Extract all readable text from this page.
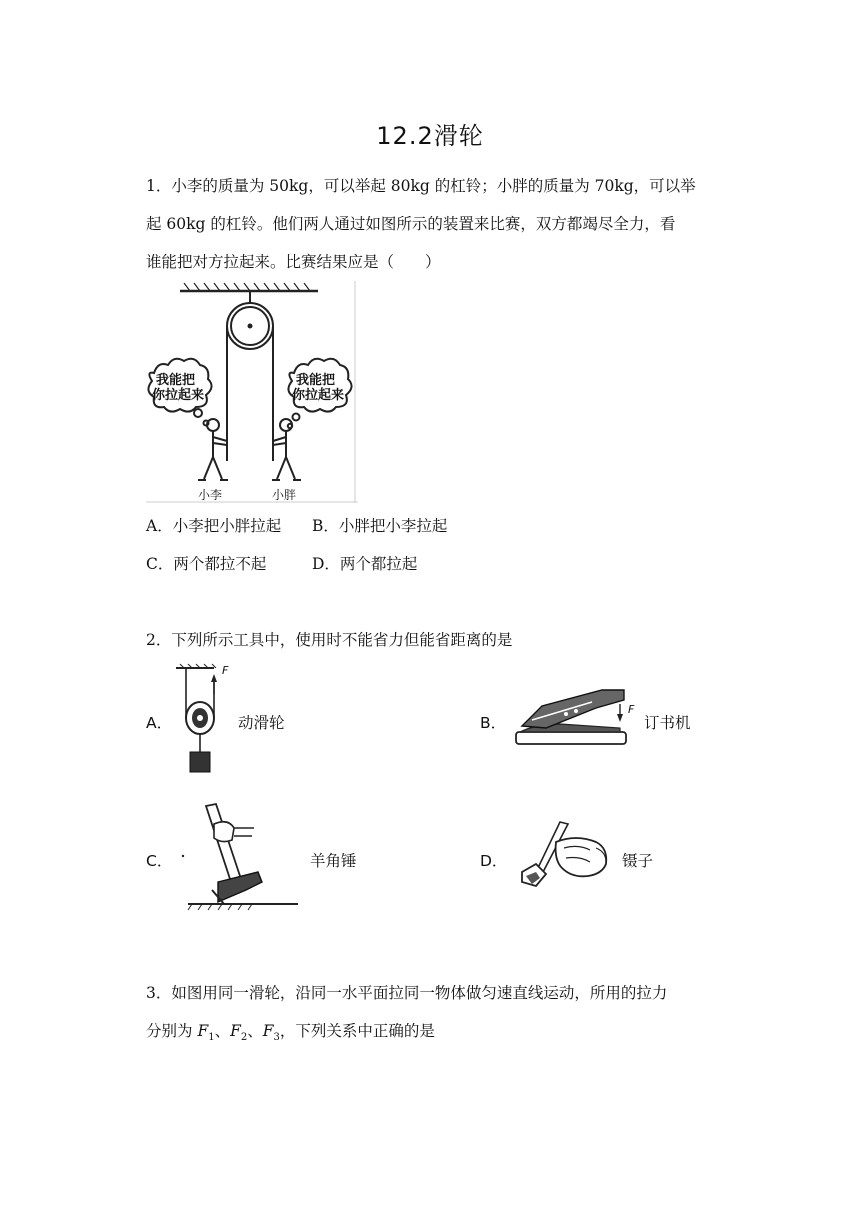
12.2滑轮
1．小李的质量为 50kg，可以举起 80kg 的杠铃；小胖的质量为 70kg，可以举
起 60kg 的杠铃。他们两人通过如图所示的装置来比赛，双方都竭尽全力，看
谁能把对方拉起来。比赛结果应是（　　）
我能把
你拉起来
我能把
你拉起来
小李	小胖
A．小李把小胖拉起 B．小胖把小李拉起
C．两个都拉不起	D．两个都拉起
2．下列所示工具中，使用时不能省力但能省距离的是
A．
F
动滑轮	B．
F
订书机
C．	羊角锤	D．	镊子
3．如图用同一滑轮，沿同一水平面拉同一物体做匀速直线运动，所用的拉力
分别为 $F_1$、$F_2$、$F_3$，下列关系中正确的是
